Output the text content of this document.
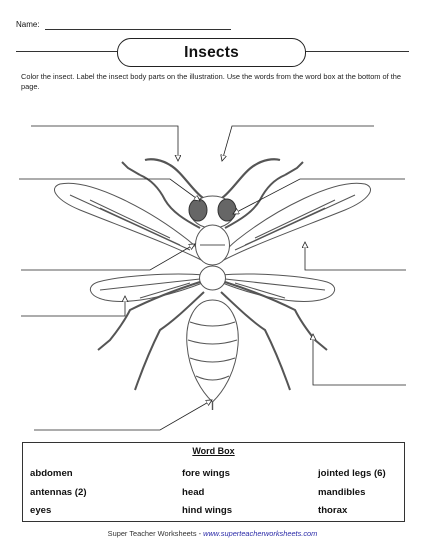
Name:
Insects
Color the insect. Label the insect body parts on the illustration. Use the words from the word box at the bottom of the page.
Word Box
abdomen
antennas (2)
eyes
fore wings
head
hind wings
jointed legs (6)
mandibles
thorax
Super Teacher Worksheets - www.superteacherworksheets.com
